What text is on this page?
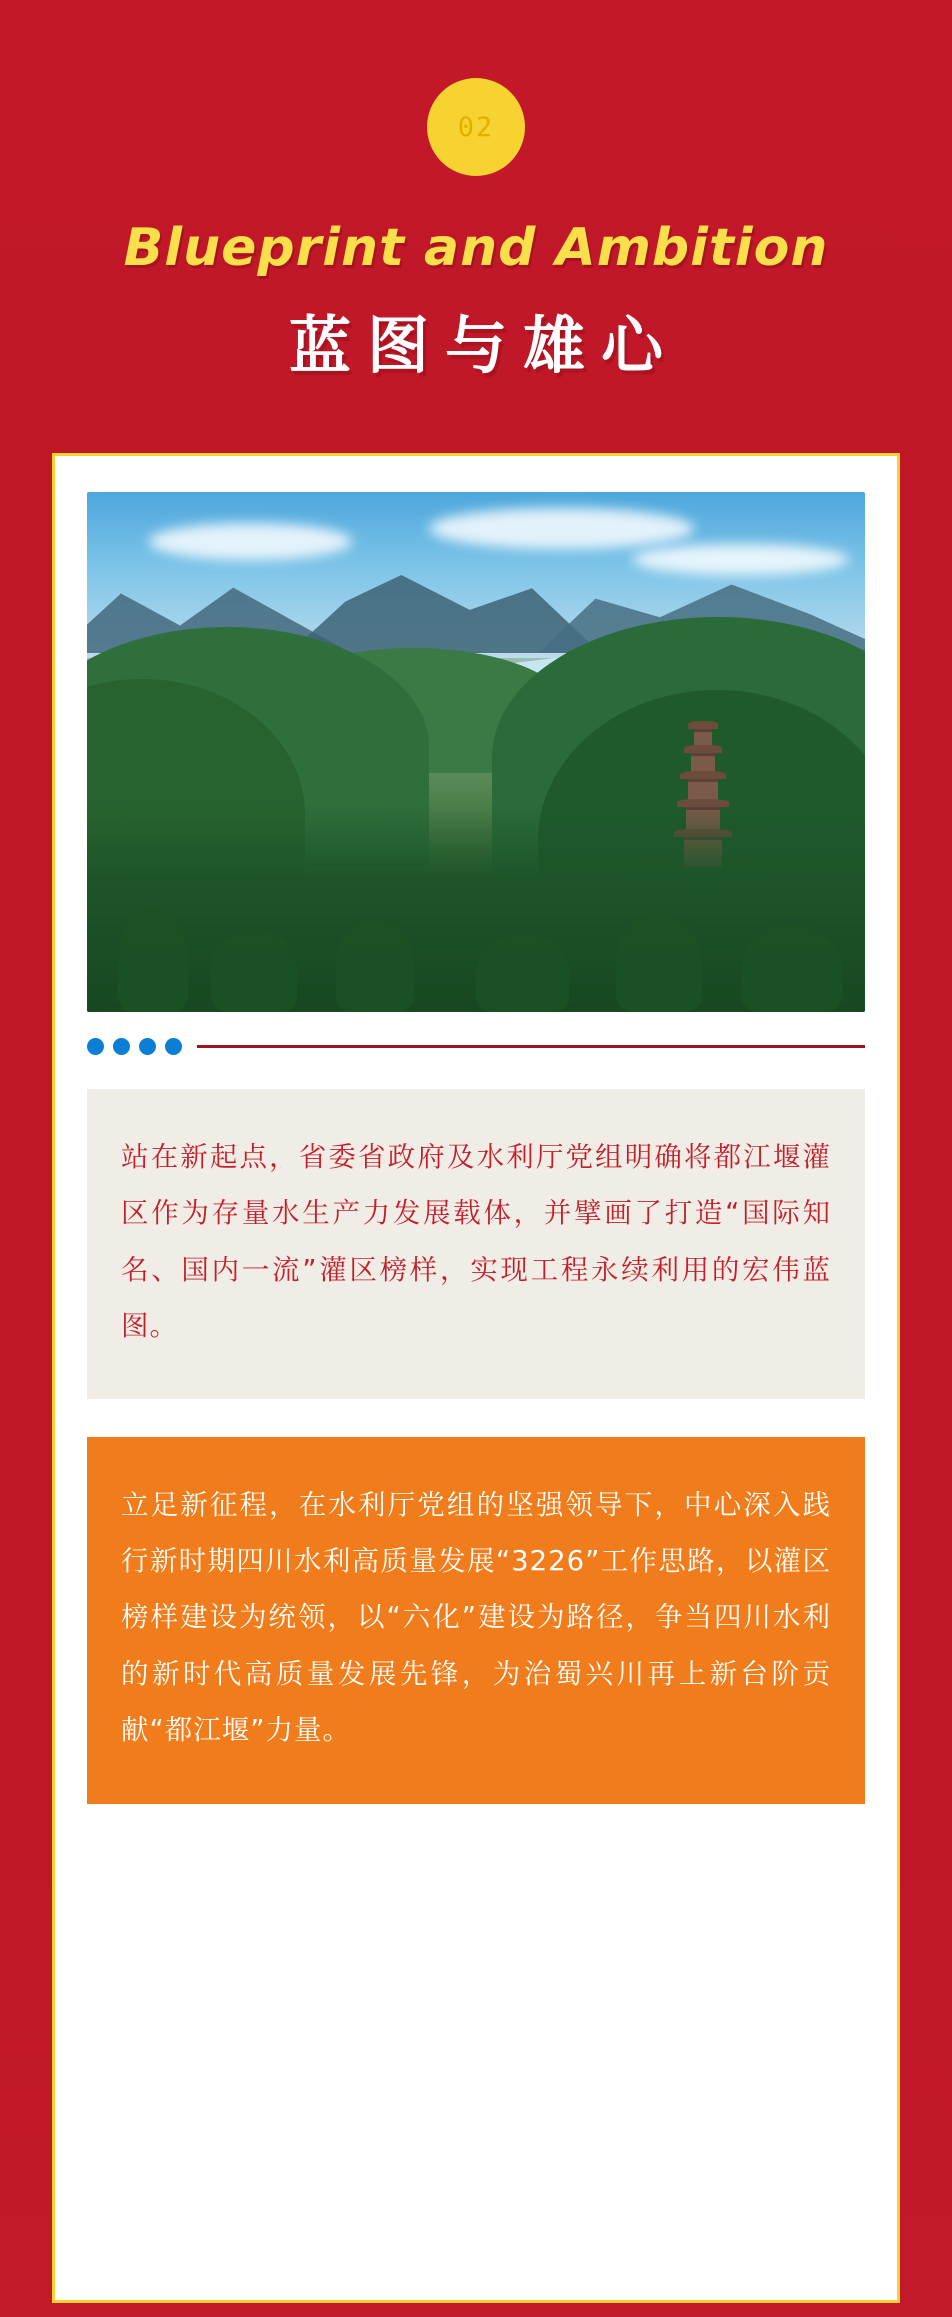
02
Blueprint and Ambition
蓝图与雄心

站在新起点，省委省政府及水利厅党组明确将都江堰灌区作为存量水生产力发展载体，并擘画了打造“国际知名、国内一流”灌区榜样，实现工程永续利用的宏伟蓝图。

立足新征程，在水利厅党组的坚强领导下，中心深入践行新时期四川水利高质量发展“3226”工作思路，以灌区榜样建设为统领，以“六化”建设为路径，争当四川水利的新时代高质量发展先锋，为治蜀兴川再上新台阶贡献“都江堰”力量。
